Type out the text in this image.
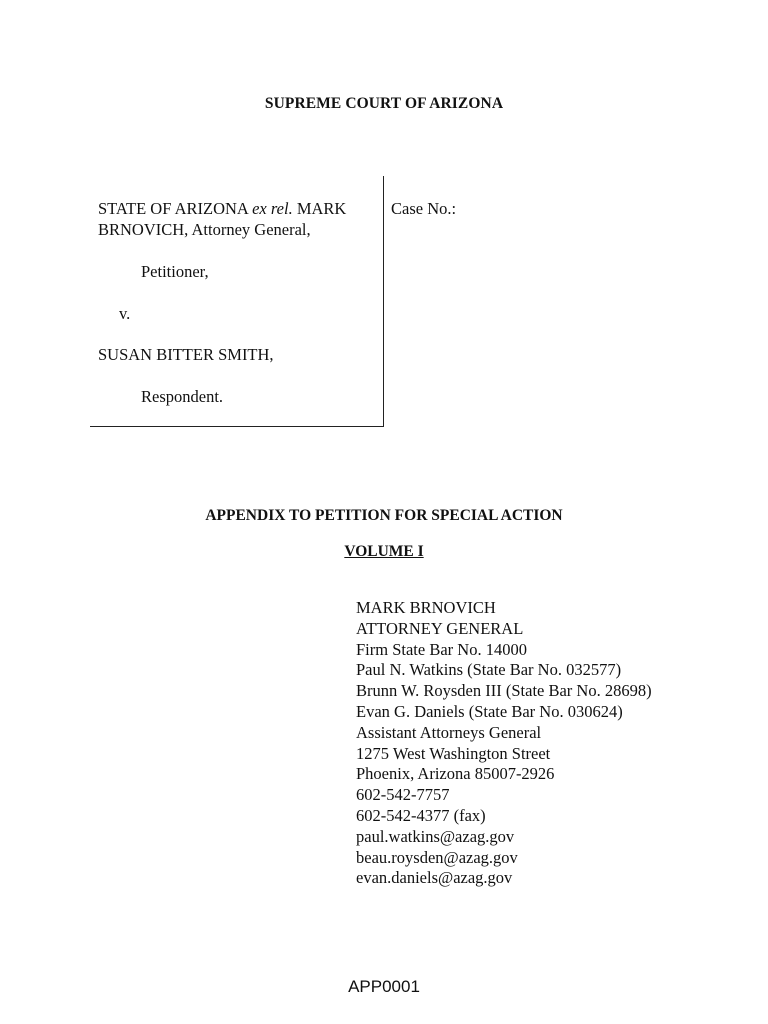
SUPREME COURT OF ARIZONA
STATE OF ARIZONA ex rel. MARK
BRNOVICH, Attorney General,
Petitioner,
v.
SUSAN BITTER SMITH,
Respondent.
Case No.:
APPENDIX TO PETITION FOR SPECIAL ACTION
VOLUME I
MARK BRNOVICH
ATTORNEY GENERAL
Firm State Bar No. 14000
Paul N. Watkins (State Bar No. 032577)
Brunn W. Roysden III (State Bar No. 28698)
Evan G. Daniels (State Bar No. 030624)
Assistant Attorneys General
1275 West Washington Street
Phoenix, Arizona 85007-2926
602-542-7757
602-542-4377 (fax)
paul.watkins@azag.gov
beau.roysden@azag.gov
evan.daniels@azag.gov
APP0001
